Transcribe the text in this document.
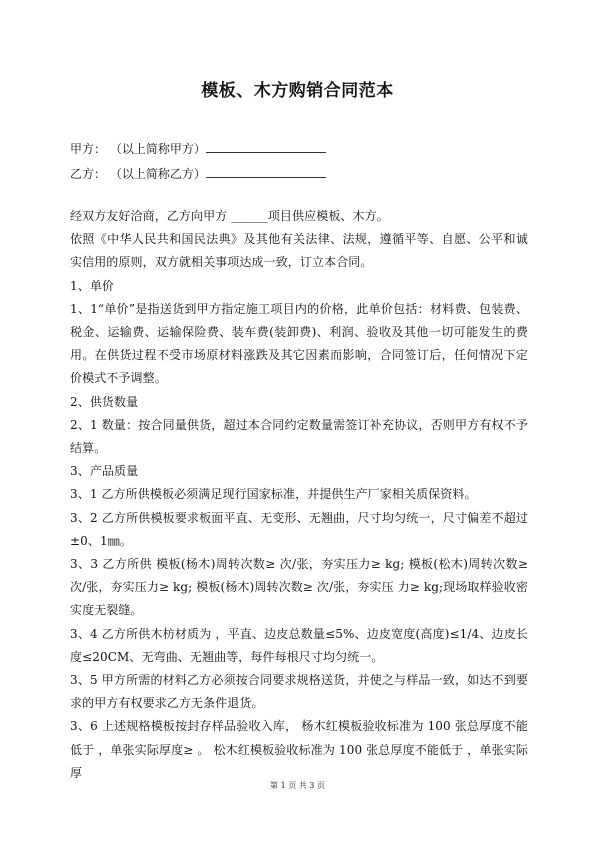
模板、木方购销合同范本
甲方： （以上简称甲方）
乙方： （以上简称乙方）

经双方友好洽商，乙方向甲方 ______项目供应模板、木方。

依照《中华人民共和国民法典》及其他有关法律、法规，遵循平等、自愿、公平和诚实信用的原则，双方就相关事项达成一致，订立本合同。

1、单价

1、1“单价”是指送货到甲方指定施工项目内的价格，此单价包括：材料费、包装费、税金、运输费、运输保险费、装车费(装卸费)、利润、验收及其他一切可能发生的费用。在供货过程不受市场原材料涨跌及其它因素而影响，合同签订后，任何情况下定价模式不予调整。

2、供货数量

2、1 数量：按合同量供货，超过本合同约定数量需签订补充协议，否则甲方有权不予结算。

3、产品质量

3、1 乙方所供模板必须满足现行国家标准，并提供生产厂家相关质保资料。

3、2 乙方所供模板要求板面平直、无变形、无翘曲，尺寸均匀统一，尺寸偏差不超过±0、1㎜。

3、3 乙方所供 模板(杨木)周转次数≥ 次/张，夯实压力≥ kg; 模板(松木)周转次数≥次/张，夯实压力≥ kg; 模板(杨木)周转次数≥ 次/张，夯实压 力≥ kg;现场取样验收密实度无裂缝。

3、4 乙方所供木枋材质为 ，平直、边皮总数量≤5%、边皮宽度(高度)≤1/4、边皮长度≤20CM、无弯曲、无翘曲等，每件每根尺寸均匀统一。

3、5 甲方所需的材料乙方必须按合同要求规格送货，并使之与样品一致，如达不到要求的甲方有权要求乙方无条件退货。

3、6 上述规格模板按封存样品验收入库， 杨木红模板验收标准为 100 张总厚度不能低于 ，单张实际厚度≥ 。 松木红模板验收标准为 100 张总厚度不能低于 ，单张实际厚

第 1 页 共 3 页
